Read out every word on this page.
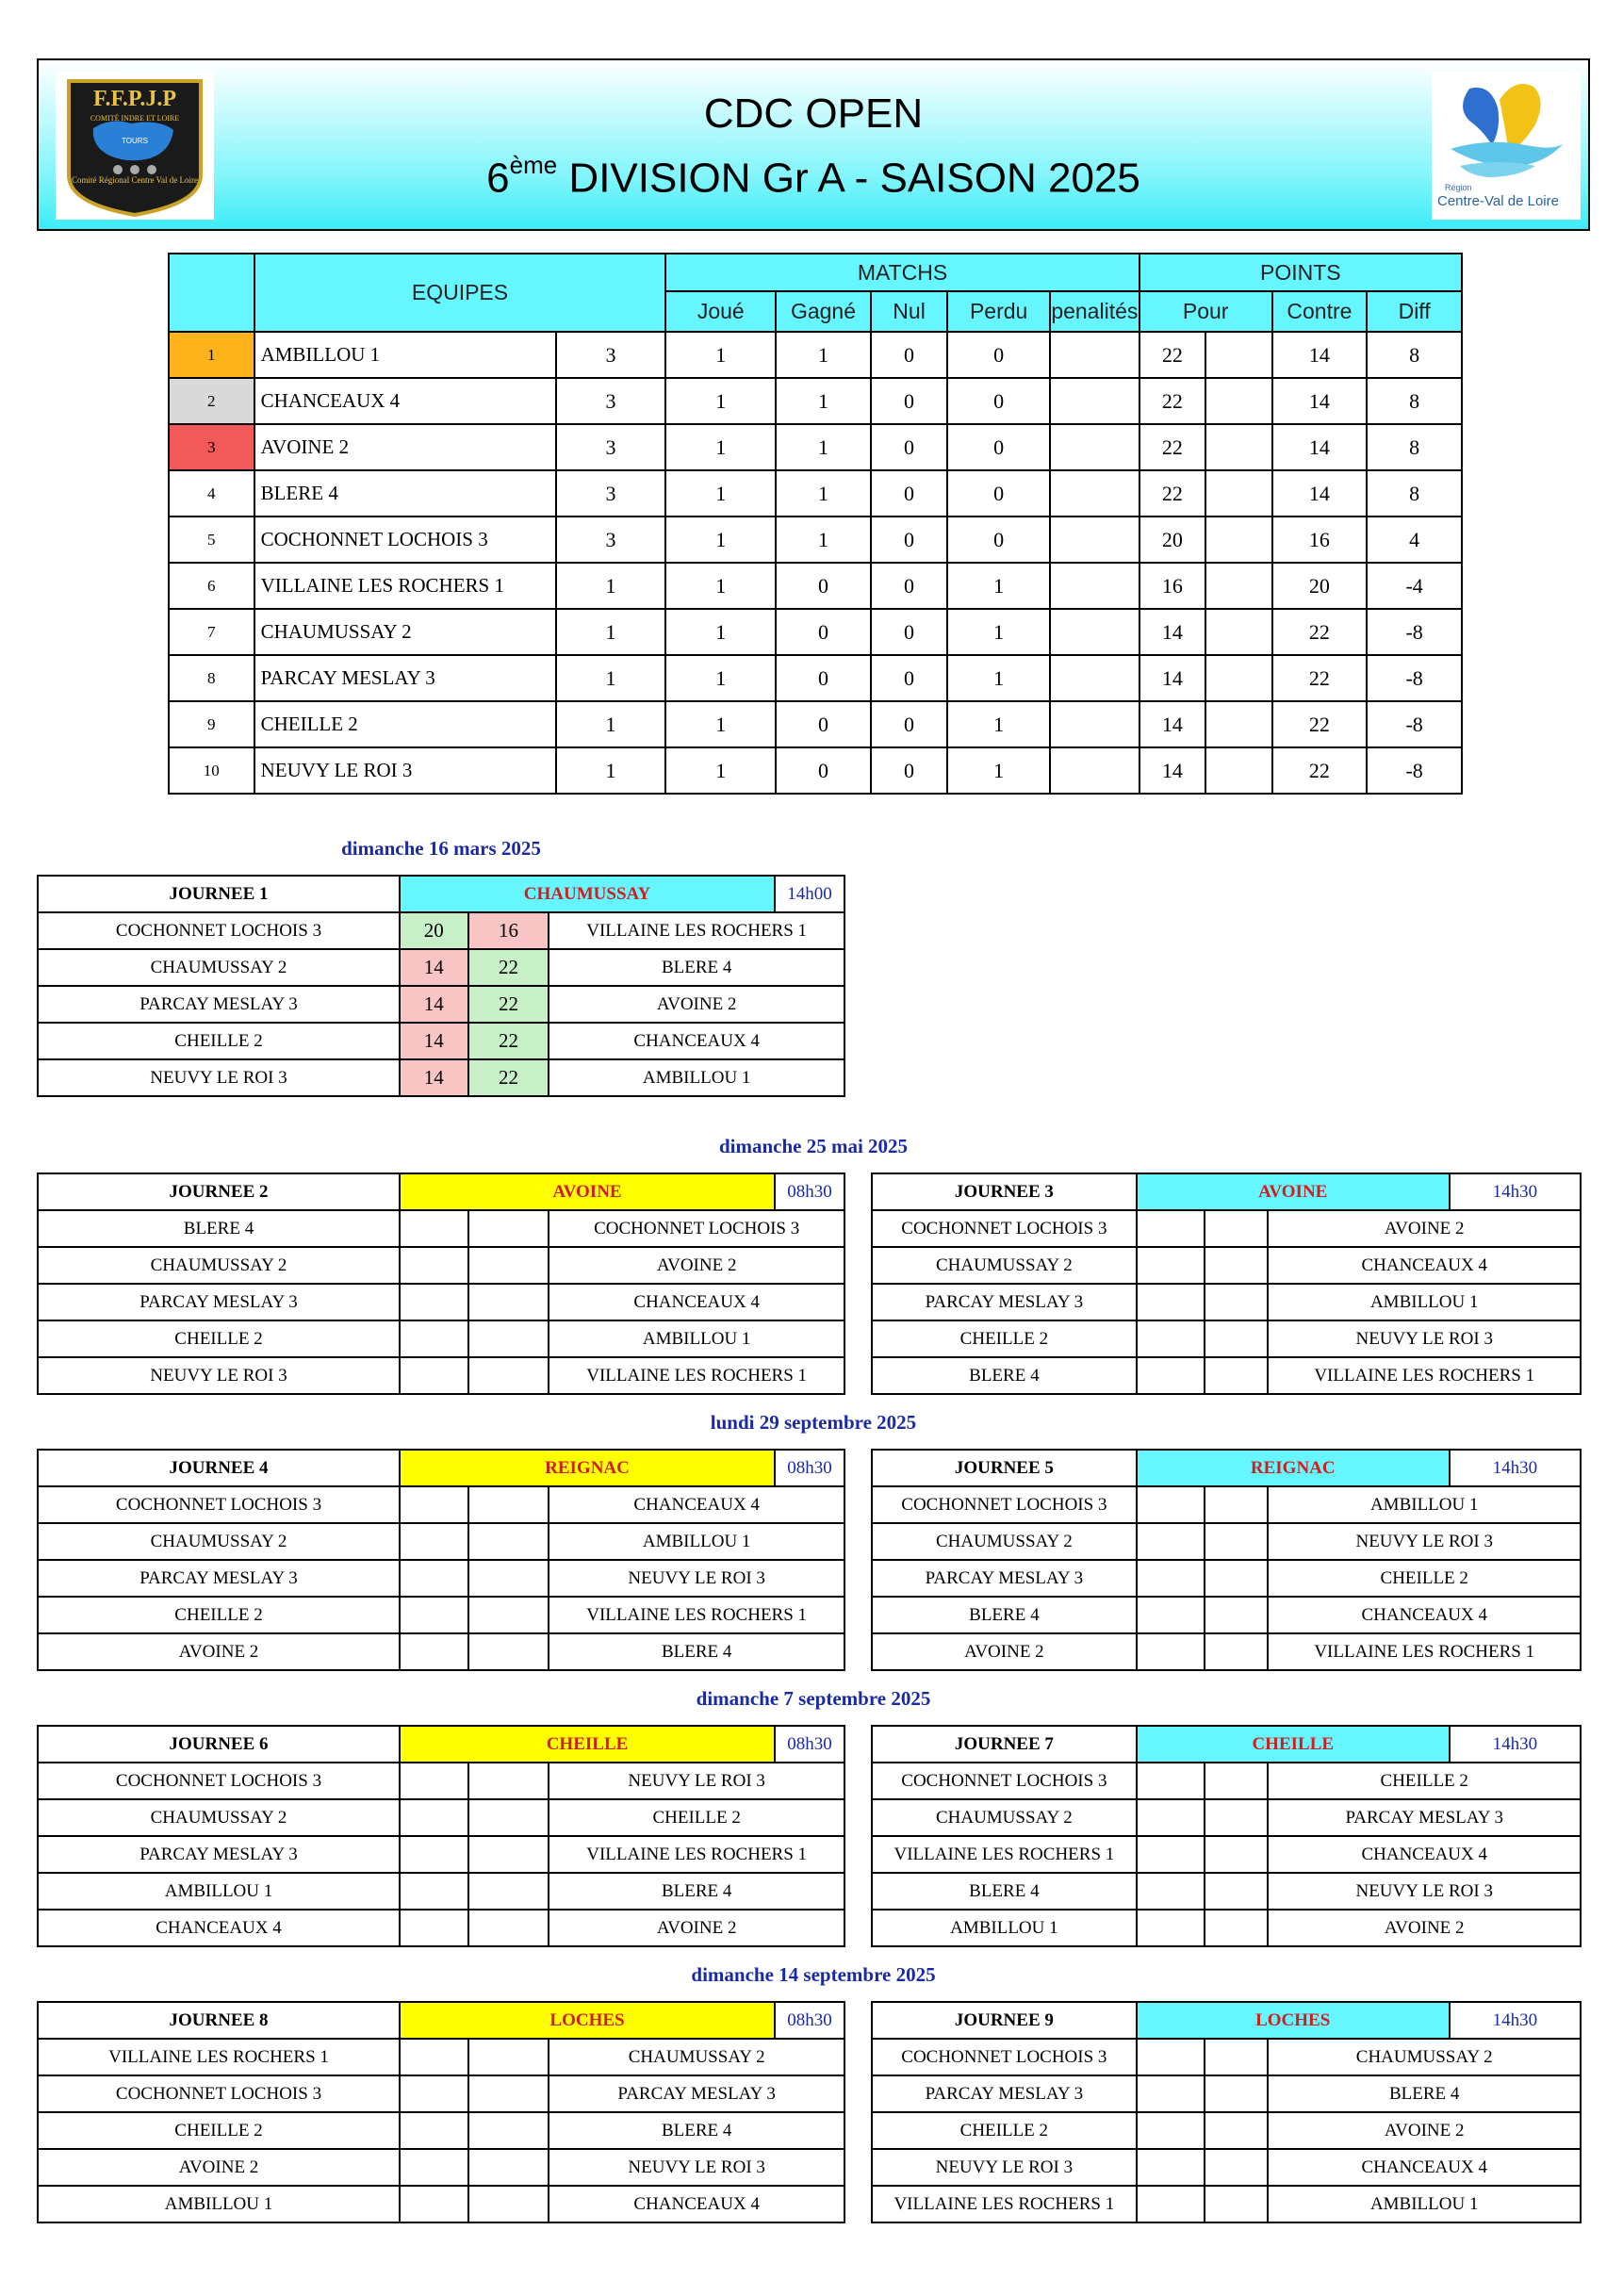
F.F.P.J.P
TOURS
COMITÉ INDRE ET LOIRE
Comité Régional Centre Val de Loire
CDC OPEN
6ème DIVISION Gr A - SAISON 2025	Région
Centre-Val de Loire
	EQUIPES		MATCHS					POINTS			
			Joué	Gagné	Nul	Perdu	penalités	Pour		Contre	Diff
1	AMBILLOU 1	3	1	1	0	0		22		14	8
2	CHANCEAUX 4	3	1	1	0	0		22		14	8
3	AVOINE 2	3	1	1	0	0		22		14	8
4	BLERE 4	3	1	1	0	0		22		14	8
5	COCHONNET LOCHOIS 3	3	1	1	0	0		20		16	4
6	VILLAINE LES ROCHERS 1	1	1	0	0	1		16		20	-4
7	CHAUMUSSAY 2	1	1	0	0	1		14		22	-8
8	PARCAY MESLAY 3	1	1	0	0	1		14		22	-8
9	CHEILLE 2	1	1	0	0	1		14		22	-8
10	NEUVY LE ROI 3	1	1	0	0	1		14		22	-8
dimanche 16 mars 2025
JOURNEE 1	CHAUMUSSAY 14h00		

COCHONNET LOCHOIS 3	20	16	VILLAINE LES ROCHERS 1
CHAUMUSSAY 2	14	22	BLERE 4
PARCAY MESLAY 3	14	22	AVOINE 2
CHEILLE 2	14	22	CHANCEAUX 4
NEUVY LE ROI 3	14	22	AMBILLOU 1
dimanche 25 mai 2025
JOURNEE 2	AVOINE 08h30		

BLERE 4			COCHONNET LOCHOIS 3
CHAUMUSSAY 2			AVOINE 2
PARCAY MESLAY 3			CHANCEAUX 4
CHEILLE 2			AMBILLOU 1
NEUVY LE ROI 3			VILLAINE LES ROCHERS 1
JOURNEE 3	AVOINE 14h30		

COCHONNET LOCHOIS 3			AVOINE 2
CHAUMUSSAY 2			CHANCEAUX 4
PARCAY MESLAY 3			AMBILLOU 1
CHEILLE 2			NEUVY LE ROI 3
BLERE 4			VILLAINE LES ROCHERS 1
lundi 29 septembre 2025
JOURNEE 4	REIGNAC 08h30		

COCHONNET LOCHOIS 3			CHANCEAUX 4
CHAUMUSSAY 2			AMBILLOU 1
PARCAY MESLAY 3			NEUVY LE ROI 3
CHEILLE 2			VILLAINE LES ROCHERS 1
AVOINE 2			BLERE 4
JOURNEE 5	REIGNAC 14h30		

COCHONNET LOCHOIS 3			AMBILLOU 1
CHAUMUSSAY 2			NEUVY LE ROI 3
PARCAY MESLAY 3			CHEILLE 2
BLERE 4			CHANCEAUX 4
AVOINE 2			VILLAINE LES ROCHERS 1
dimanche 7 septembre 2025
JOURNEE 6	CHEILLE 08h30		

COCHONNET LOCHOIS 3			NEUVY LE ROI 3
CHAUMUSSAY 2			CHEILLE 2
PARCAY MESLAY 3			VILLAINE LES ROCHERS 1
AMBILLOU 1			BLERE 4
CHANCEAUX 4			AVOINE 2
JOURNEE 7	CHEILLE 14h30		

COCHONNET LOCHOIS 3			CHEILLE 2
CHAUMUSSAY 2			PARCAY MESLAY 3
VILLAINE LES ROCHERS 1			CHANCEAUX 4
BLERE 4			NEUVY LE ROI 3
AMBILLOU 1			AVOINE 2
dimanche 14 septembre 2025
JOURNEE 8	LOCHES 08h30		

VILLAINE LES ROCHERS 1			CHAUMUSSAY 2
COCHONNET LOCHOIS 3			PARCAY MESLAY 3
CHEILLE 2			BLERE 4
AVOINE 2			NEUVY LE ROI 3
AMBILLOU 1			CHANCEAUX 4
JOURNEE 9	LOCHES 14h30		

COCHONNET LOCHOIS 3			CHAUMUSSAY 2
PARCAY MESLAY 3			BLERE 4
CHEILLE 2			AVOINE 2
NEUVY LE ROI 3			CHANCEAUX 4
VILLAINE LES ROCHERS 1			AMBILLOU 1
